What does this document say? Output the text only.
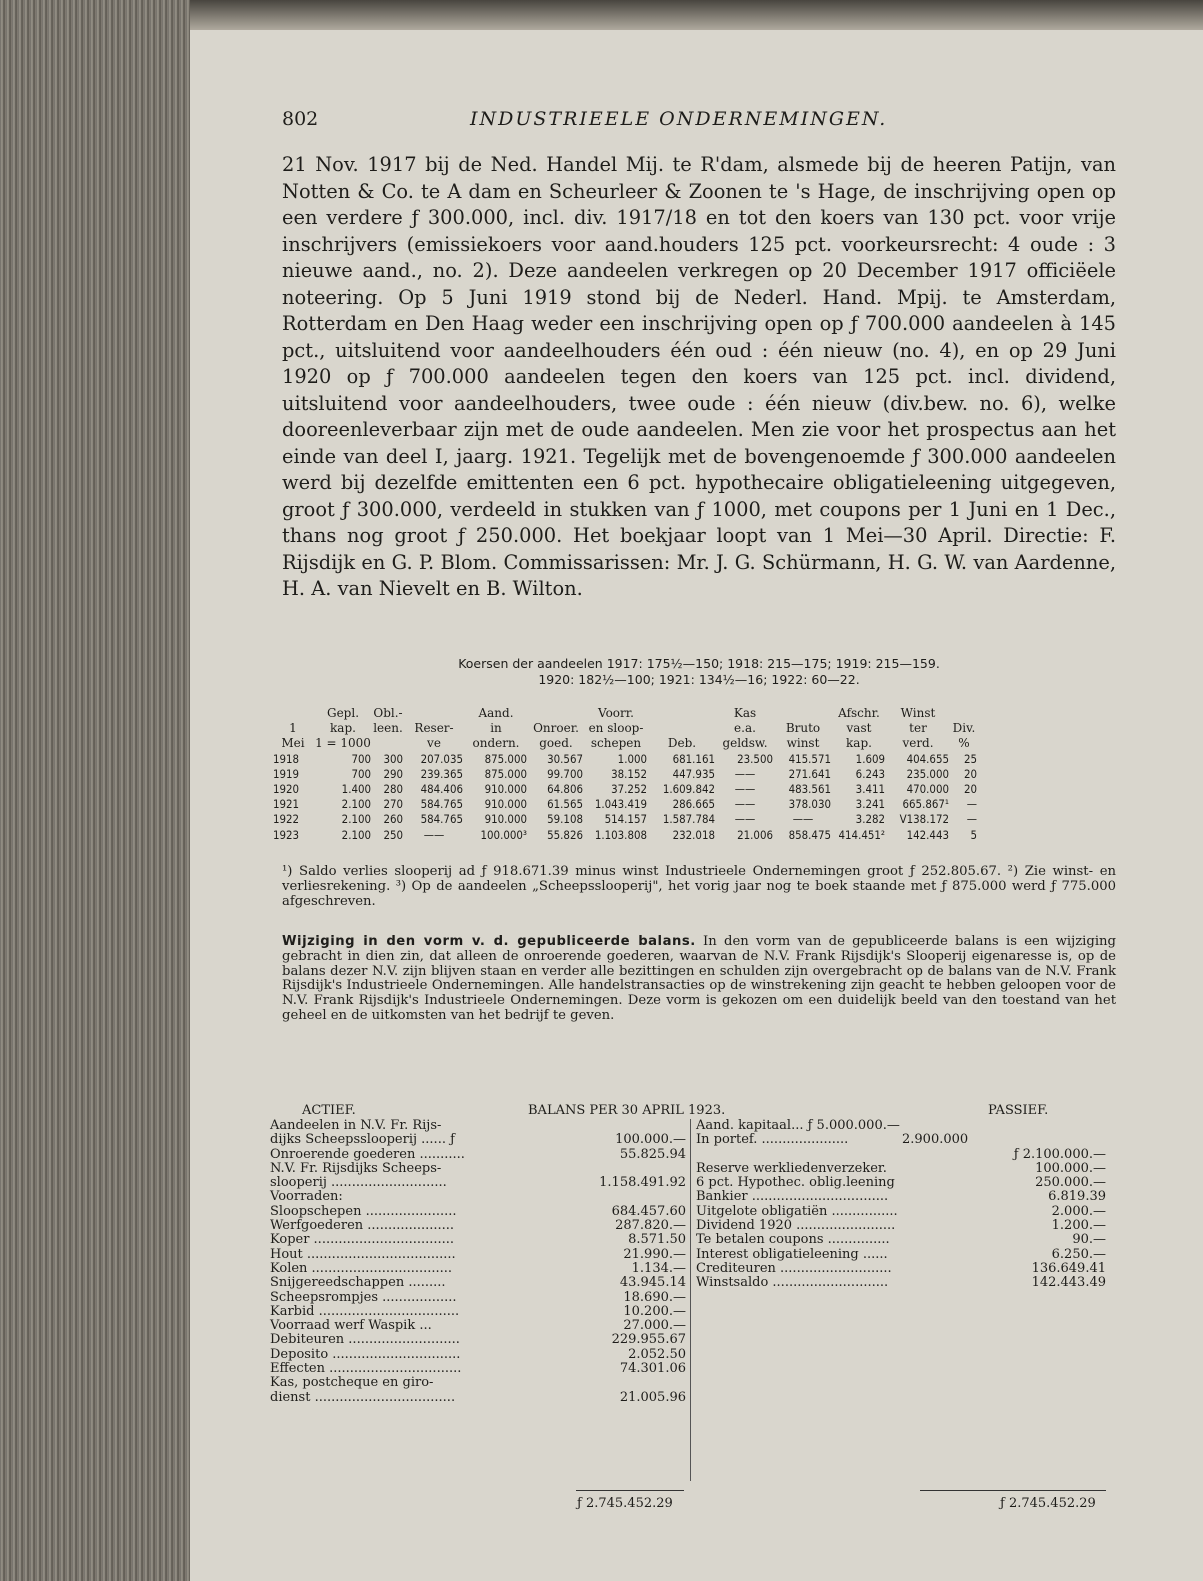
802	INDUSTRIEELE ONDERNEMINGEN.

21 Nov. 1917 bij de Ned. Handel Mij. te R'dam, alsmede bij de heeren Patijn, van Notten & Co. te A dam en Scheurleer & Zoonen te 's Hage, de inschrijving open op een verdere ƒ 300.000, incl. div. 1917/18 en tot den koers van 130 pct. voor vrije inschrijvers (emissiekoers voor aand.houders 125 pct. voorkeursrecht: 4 oude : 3 nieuwe aand., no. 2). Deze aandeelen verkregen op 20 December 1917 officiëele noteering. Op 5 Juni 1919 stond bij de Nederl. Hand. Mpij. te Amsterdam, Rotterdam en Den Haag weder een inschrijving open op ƒ 700.000 aandeelen à 145 pct., uitsluitend voor aandeelhouders één oud : één nieuw (no. 4), en op 29 Juni 1920 op ƒ 700.000 aandeelen tegen den koers van 125 pct. incl. dividend, uitsluitend voor aandeelhouders, twee oude : één nieuw (div.bew. no. 6), welke dooreenleverbaar zijn met de oude aandeelen. Men zie voor het prospectus aan het einde van deel I, jaarg. 1921. Tegelijk met de bovengenoemde ƒ 300.000 aandeelen werd bij dezelfde emittenten een 6 pct. hypothecaire obligatieleening uitgegeven, groot ƒ 300.000, verdeeld in stukken van ƒ 1000, met coupons per 1 Juni en 1 Dec., thans nog groot ƒ 250.000. Het boekjaar loopt van 1 Mei—30 April. Directie: F. Rijsdijk en G. P. Blom. Commissarissen: Mr. J. G. Schürmann, H. G. W. van Aardenne, H. A. van Nievelt en B. Wilton.

Koersen der aandeelen 1917: 175½—150; 1918: 215—175; 1919: 215—159.
1920: 182½—100; 1921: 134½—16; 1922: 60—22.
	Gepl.	Obl.-		Aand.		Voorr.		Kas		Afschr.	Winst	
1	kap.	leen.	Reser-	in	Onroer.	en sloop-		e.a.	Bruto	vast	ter	Div.
Mei	1 = 1000		ve	ondern.	goed.	schepen	Deb.	geldsw.	winst	kap.	verd.	%
1918	700	300	207.035	875.000	30.567	1.000	681.161	23.500	415.571	1.609	404.655	25
1919	700	290	239.365	875.000	99.700	38.152	447.935	——	271.641	6.243	235.000	20
1920	1.400	280	484.406	910.000	64.806	37.252	1.609.842	——	483.561	3.411	470.000	20
1921	2.100	270	584.765	910.000	61.565	1.043.419	286.665	——	378.030	3.241	665.867¹	—
1922	2.100	260	584.765	910.000	59.108	514.157	1.587.784	——	——	3.282	V138.172	—
1923	2.100	250	——	100.000³	55.826	1.103.808	232.018	21.006	858.475	414.451²	142.443	5

¹) Saldo verlies slooperij ad ƒ 918.671.39 minus winst Industrieele Ondernemingen groot ƒ 252.805.67. ²) Zie winst- en verliesrekening. ³) Op de aandeelen „Scheepsslooperij", het vorig jaar nog te boek staande met ƒ 875.000 werd ƒ 775.000 afgeschreven.

Wijziging in den vorm v. d. gepubliceerde balans. In den vorm van de gepubliceerde balans is een wijziging gebracht in dien zin, dat alleen de onroerende goederen, waarvan de N.V. Frank Rijsdijk's Slooperij eigenaresse is, op de balans dezer N.V. zijn blijven staan en verder alle bezittingen en schulden zijn overgebracht op de balans van de N.V. Frank Rijsdijk's Industrieele Ondernemingen. Alle handelstransacties op de winstrekening zijn geacht te hebben geloopen voor de N.V. Frank Rijsdijk's Industrieele Ondernemingen. Deze vorm is gekozen om een duidelijk beeld van den toestand van het geheel en de uitkomsten van het bedrijf te geven.

ACTIEF.	BALANS PER 30 APRIL 1923.	PASSIEF.
Aandeelen in N.V. Fr. Rijs-
dijks Scheepsslooperij ...... ƒ	100.000.—
Onroerende goederen ...........	55.825.94
N.V. Fr. Rijsdijks Scheeps-
slooperij ............................	1.158.491.92
Voorraden:
Sloopschepen ......................	684.457.60
Werfgoederen .....................	287.820.—
Koper ..................................	8.571.50
Hout ....................................	21.990.—
Kolen ..................................	1.134.—
Snijgereedschappen .........	43.945.14
Scheepsrompjes ..................	18.690.—
Karbid ..................................	10.200.—
Voorraad werf Waspik ...	27.000.—
Debiteuren ...........................	229.955.67
Deposito ...............................	2.052.50
Effecten ................................	74.301.06
Kas, postcheque en giro-
dienst ..................................	21.005.96
Aand. kapitaal... ƒ 5.000.000.—
In portef. .....................	2.900.000
ƒ 2.100.000.—
Reserve werkliedenverzeker.	100.000.—
6 pct. Hypothec. oblig.leening	250.000.—
Bankier .................................	6.819.39
Uitgelote obligatiën ................	2.000.—
Dividend 1920 ........................	1.200.—
Te betalen coupons ...............	90.—
Interest obligatieleening ......	6.250.—
Crediteuren ...........................	136.649.41
Winstsaldo ............................	142.443.49
ƒ 2.745.452.29	ƒ 2.745.452.29
